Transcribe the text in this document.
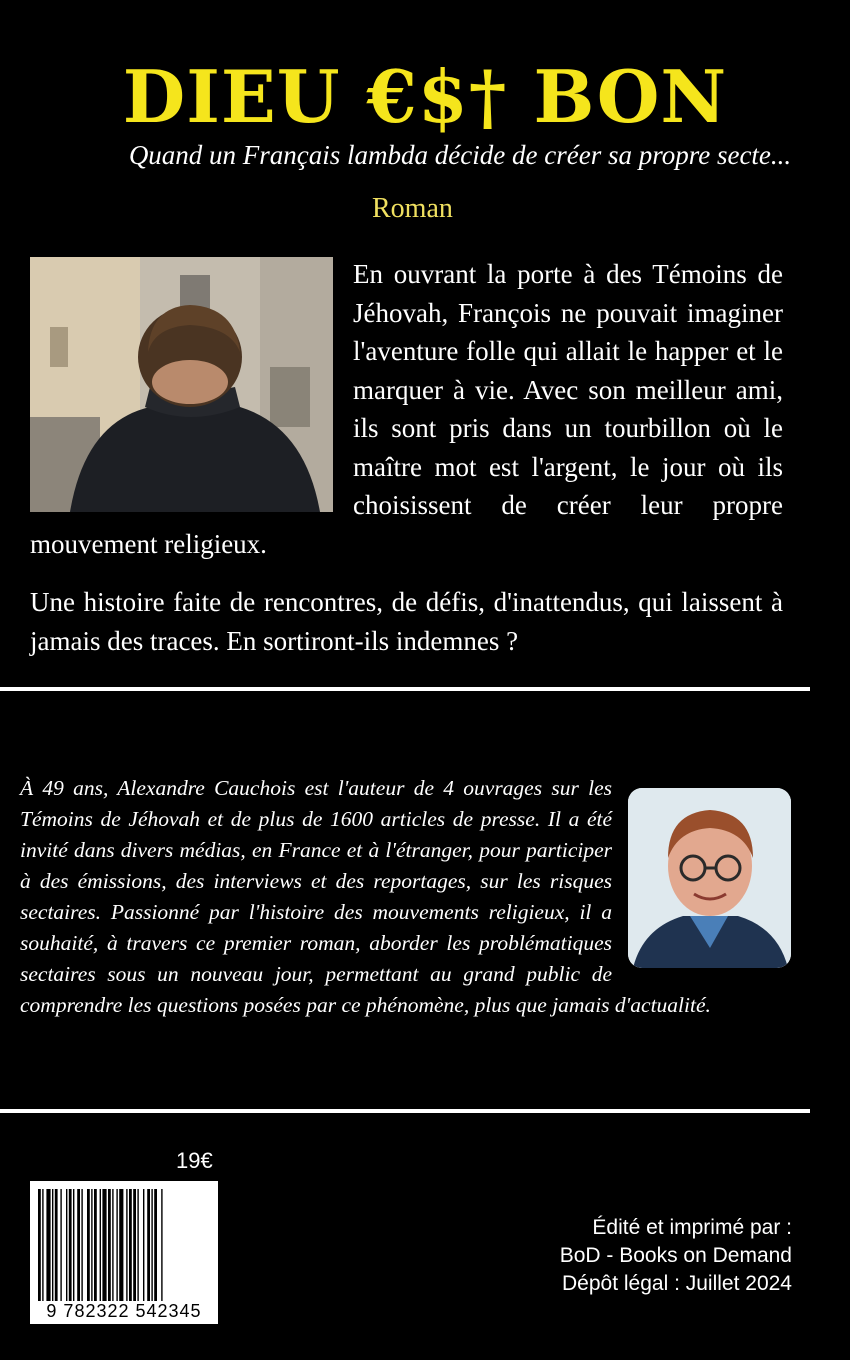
DIEU €$† BON
Quand un Français lambda décide de créer sa propre secte...
Roman

En ouvrant la porte à des Témoins de Jéhovah, François ne pouvait imaginer l'aventure folle qui allait le happer et le marquer à vie. Avec son meilleur ami, ils sont pris dans un tourbillon où le maître mot est l'argent, le jour où ils choisissent de créer leur propre mouvement religieux.

Une histoire faite de rencontres, de défis, d'inattendus, qui laissent à jamais des traces. En sortiront-ils indemnes ?

À 49 ans, Alexandre Cauchois est l'auteur de 4 ouvrages sur les Témoins de Jéhovah et de plus de 1600 articles de presse. Il a été invité dans divers médias, en France et à l'étranger, pour participer à des émissions, des interviews et des reportages, sur les risques sectaires. Passionné par l'histoire des mouvements religieux, il a souhaité, à travers ce premier roman, aborder les problématiques sectaires sous un nouveau jour, permettant au grand public de comprendre les questions posées par ce phénomène, plus que jamais d'actualité.
19€
9 782322 542345
Édité et imprimé par :
BoD - Books on Demand
Dépôt légal : Juillet 2024
